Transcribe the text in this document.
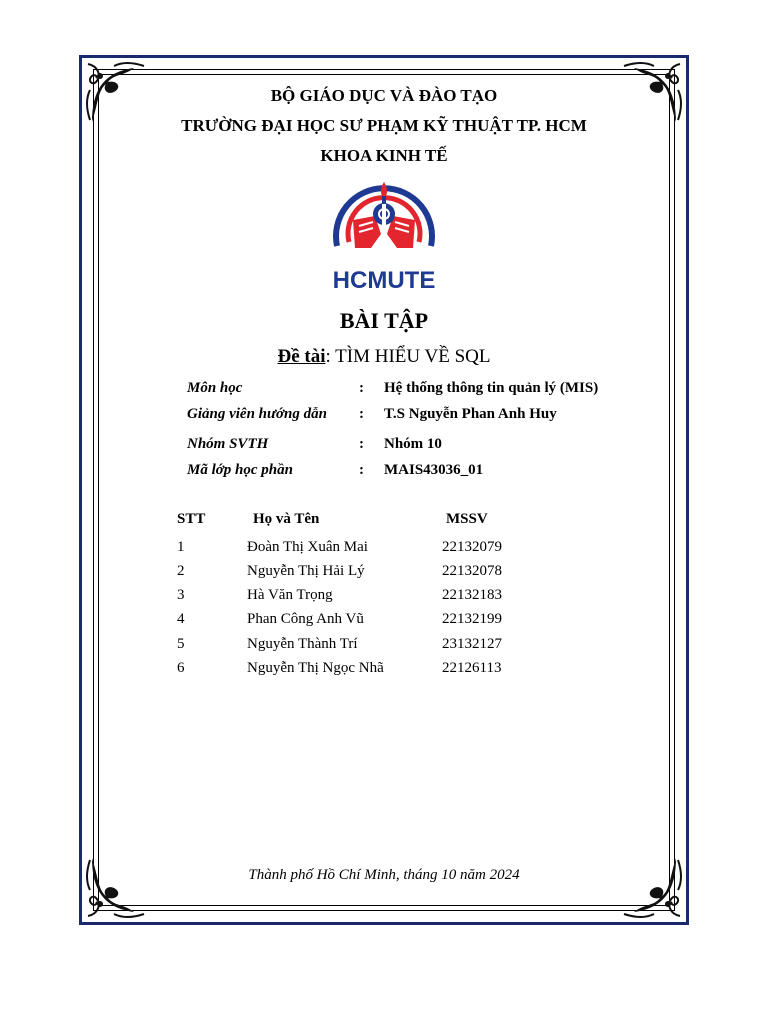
BỘ GIÁO DỤC VÀ ĐÀO TẠO
TRƯỜNG ĐẠI HỌC SƯ PHẠM KỸ THUẬT TP. HCM
KHOA KINH TẾ
HCMUTE
BÀI TẬP
Đề tài: TÌM HIỂU VỀ SQL
Môn học	: Hệ thống thông tin quản lý (MIS)
Giảng viên hướng dẫn : T.S Nguyễn Phan Anh Huy
Nhóm SVTH	: Nhóm 10
Mã lớp học phần	: MAIS43036_01
STT	Họ và Tên	MSSV
1	Đoàn Thị Xuân Mai	22132079
2	Nguyễn Thị Hải Lý	22132078
3	Hà Văn Trọng	22132183
4	Phan Công Anh Vũ	22132199
5	Nguyễn Thành Trí	23132127
6	Nguyễn Thị Ngọc Nhã	22126113
Thành phố Hồ Chí Minh, tháng 10 năm 2024
